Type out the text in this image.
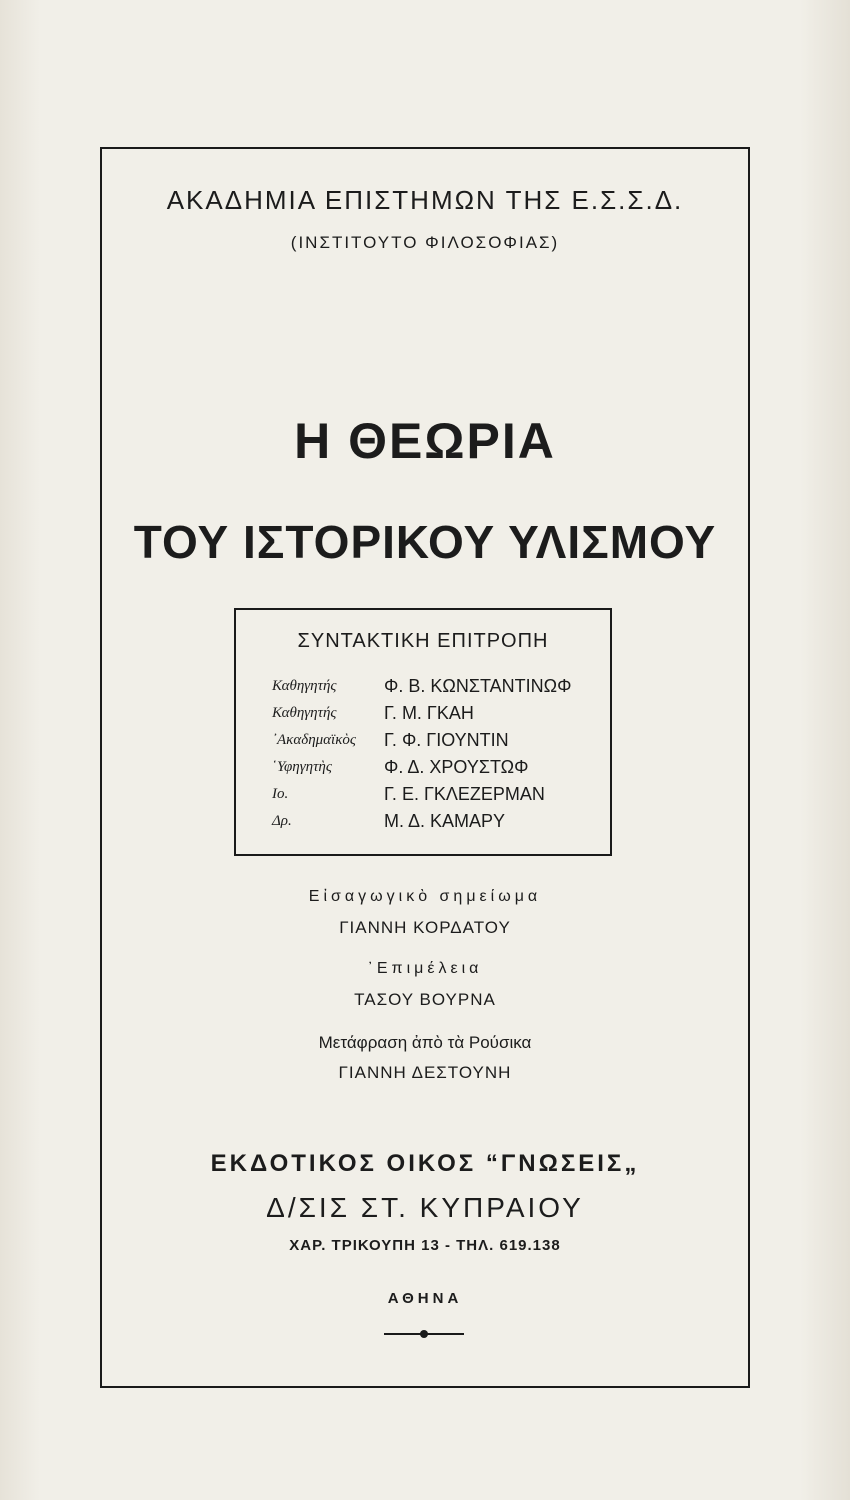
ΑΚΑΔΗΜΙΑ ΕΠΙΣΤΗΜΩΝ ΤΗΣ Ε.Σ.Σ.Δ.
(ΙΝΣΤΙΤΟΥΤΟ ΦΙΛΟΣΟΦΙΑΣ)
Η ΘΕΩΡΙΑ
ΤΟΥ ΙΣΤΟΡΙΚΟΥ ΥΛΙΣΜΟΥ
ΣΥΝΤΑΚΤΙΚΗ ΕΠΙΤΡΟΠΗ
Καθηγητής	Φ. Β. ΚΩΝΣΤΑΝΤΙΝΩΦ
Καθηγητής	Γ. Μ. ΓΚΑΗ
᾿Ακαδημαϊκὸς Γ. Φ. ΓΙΟΥΝΤΙΝ
῾Υφηγητὴς	Φ. Δ. ΧΡΟΥΣΤΩΦ
Ιο.	Γ. Ε. ΓΚΛΕΖΕΡΜΑΝ
Δρ.	Μ. Δ. ΚΑΜΑΡΥ
Εἰσαγωγικὸ σημείωμα
ΓΙΑΝΝΗ ΚΟΡΔΑΤΟΥ
᾿Επιμέλεια
ΤΑΣΟΥ ΒΟΥΡΝΑ
Μετάφραση ἀπὸ τὰ Ρούσικα
ΓΙΑΝΝΗ ΔΕΣΤΟΥΝΗ
ΕΚΔΟΤΙΚΟΣ ΟΙΚΟΣ “ΓΝΩΣΕΙΣ„
Δ/ΣΙΣ ΣΤ. ΚΥΠΡΑΙΟΥ
ΧΑΡ. ΤΡΙΚΟΥΠΗ 13 - ΤΗΛ. 619.138
ΑΘΗΝΑ
